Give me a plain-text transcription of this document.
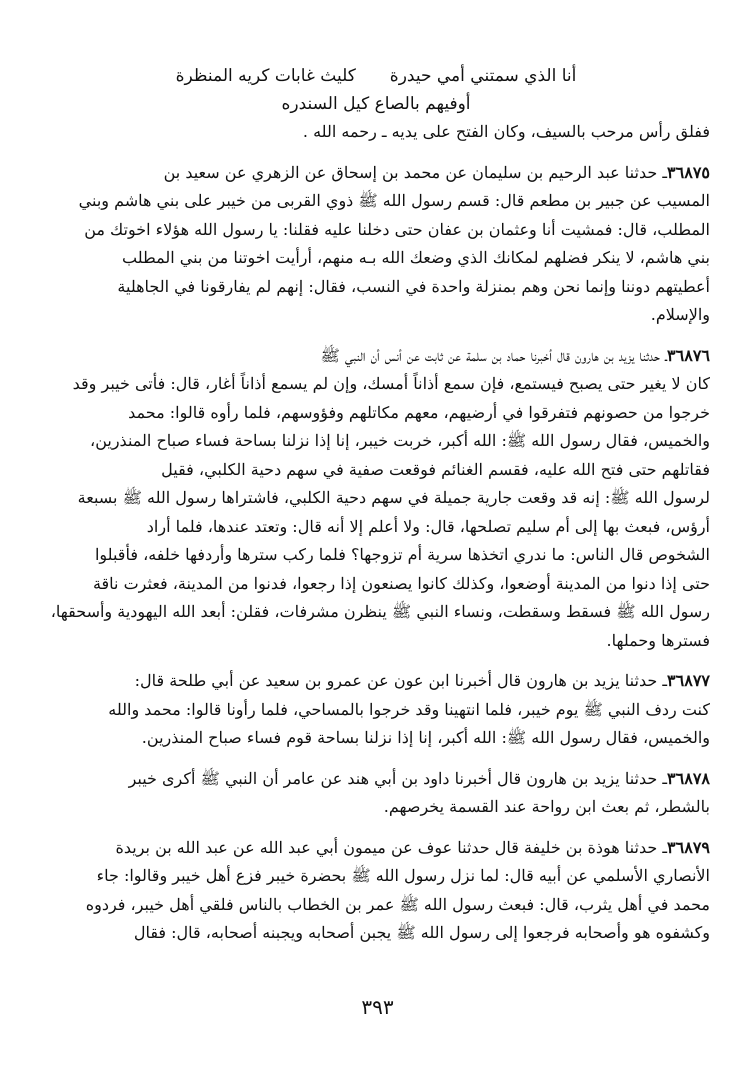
أنا الذي سمتني أمي حيدرة
كليث غابات كريه المنظرة
أوفيهم بالصاع كيل السندره

ففلق رأس مرحب بالسيف، وكان الفتح على يديه ـ رحمه الله .

٣٦٨٧٥ـ حدثنا عبد الرحيم بن سليمان عن محمد بن إسحاق عن الزهري عن سعيد بن

المسيب عن جبير بن مطعم قال: قسم رسول الله ﷺ ذوي القربى من خيبر على بني هاشم وبني

المطلب، قال: فمشيت أنا وعثمان بن عفان حتى دخلنا عليه فقلنا: يا رسول الله هؤلاء اخوتك من

بني هاشم، لا ينكر فضلهم لمكانك الذي وضعك الله بـه منهم، أرأيت اخوتنا من بني المطلب

أعطيتهم دوننا وإنما نحن وهم بمنزلة واحدة في النسب، فقال: إنهم لم يفارقونا في الجاهلية

والإسلام.

٣٦٨٧٦ـ حدثنا يزيد بن هارون قال أخبرنا حماد بن سلمة عن ثابت عن أنس أن النبي ﷺ

كان لا يغير حتى يصبح فيستمع، فإن سمع أذاناً أمسك، وإن لم يسمع أذاناً أغار، قال: فأتى خيبر وقد

خرجوا من حصونهم فتفرقوا في أرضيهم، معهم مكاتلهم وفؤوسهم، فلما رأوه قالوا: محمد

والخميس، فقال رسول الله ﷺ: الله أكبر، خربت خيبر، إنا إذا نزلنا بساحة فساء صباح المنذرين،

فقاتلهم حتى فتح الله عليه، فقسم الغنائم فوقعت صفية في سهم دحية الكلبي، فقيل

لرسول الله ﷺ: إنه قد وقعت جارية جميلة في سهم دحية الكلبي، فاشتراها رسول الله ﷺ بسبعة

أرؤس، فبعث بها إلى أم سليم تصلحها، قال: ولا أعلم إلا أنه قال: وتعتد عندها، فلما أراد

الشخوص قال الناس: ما ندري اتخذها سرية أم تزوجها؟ فلما ركب سترها وأردفها خلفه، فأقبلوا

حتى إذا دنوا من المدينة أوضعوا، وكذلك كانوا يصنعون إذا رجعوا، فدنوا من المدينة، فعثرت ناقة

رسول الله ﷺ فسقط وسقطت، ونساء النبي ﷺ ينظرن مشرفات، فقلن: أبعد الله اليهودية وأسحقها،

فسترها وحملها.

٣٦٨٧٧ـ حدثنا يزيد بن هارون قال أخبرنا ابن عون عن عمرو بن سعيد عن أبي طلحة قال:

كنت ردف النبي ﷺ يوم خيبر، فلما انتهينا وقد خرجوا بالمساحي، فلما رأونا قالوا: محمد والله

والخميس، فقال رسول الله ﷺ: الله أكبر، إنا إذا نزلنا بساحة قوم فساء صباح المنذرين.

٣٦٨٧٨ـ حدثنا يزيد بن هارون قال أخبرنا داود بن أبي هند عن عامر أن النبي ﷺ أكرى خيبر

بالشطر، ثم بعث ابن رواحة عند القسمة يخرصهم.

٣٦٨٧٩ـ حدثنا هوذة بن خليفة قال حدثنا عوف عن ميمون أبي عبد الله عن عبد الله بن بريدة

الأنصاري الأسلمي عن أبيه قال: لما نزل رسول الله ﷺ بحضرة خيبر فزع أهل خيبر وقالوا: جاء

محمد في أهل يثرب، قال: فبعث رسول الله ﷺ عمر بن الخطاب بالناس فلقي أهل خيبر، فردوه

وكشفوه هو وأصحابه فرجعوا إلى رسول الله ﷺ يجبن أصحابه ويجبنه أصحابه، قال: فقال

٣٩٣
